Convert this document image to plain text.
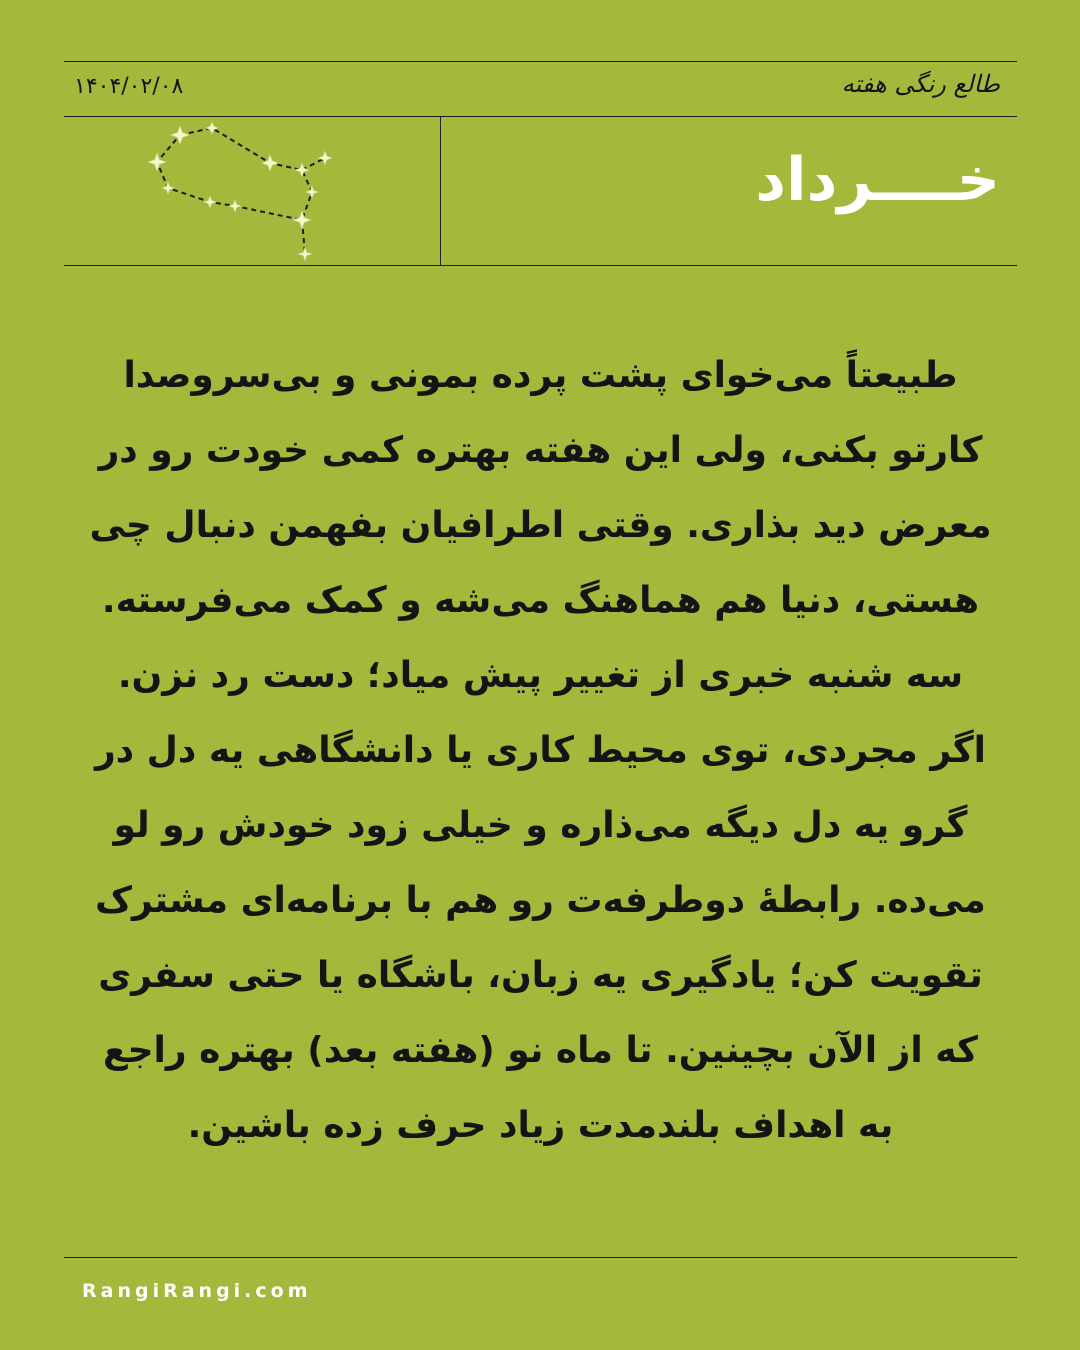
طالع رنگی هفته
۱۴۰۴/۰۲/۰۸
خــــرداد
طبیعتاً می‌خوای پشت پرده بمونی و بی‌سروصدا
کارتو بکنی، ولی این هفته بهتره کمی خودت رو در
معرض دید بذاری. وقتی اطرافیان بفهمن دنبال چی
هستی، دنیا هم هماهنگ می‌شه و کمک می‌فرسته.
سه شنبه خبری از تغییر پیش میاد؛ دست رد نزن.
اگر مجردی، توی محیط کاری یا دانشگاهی یه دل در
گرو یه دل دیگه می‌ذاره و خیلی زود خودش رو لو
می‌ده. رابطهٔ دوطرفه‌ت رو هم با برنامه‌ای مشترک
تقویت کن؛ یادگیری یه زبان، باشگاه یا حتی سفری
که از الآن بچینین. تا ماه نو (هفته بعد) بهتره راجع
به اهداف بلندمدت زیاد حرف زده باشین.
RangiRangi.com
